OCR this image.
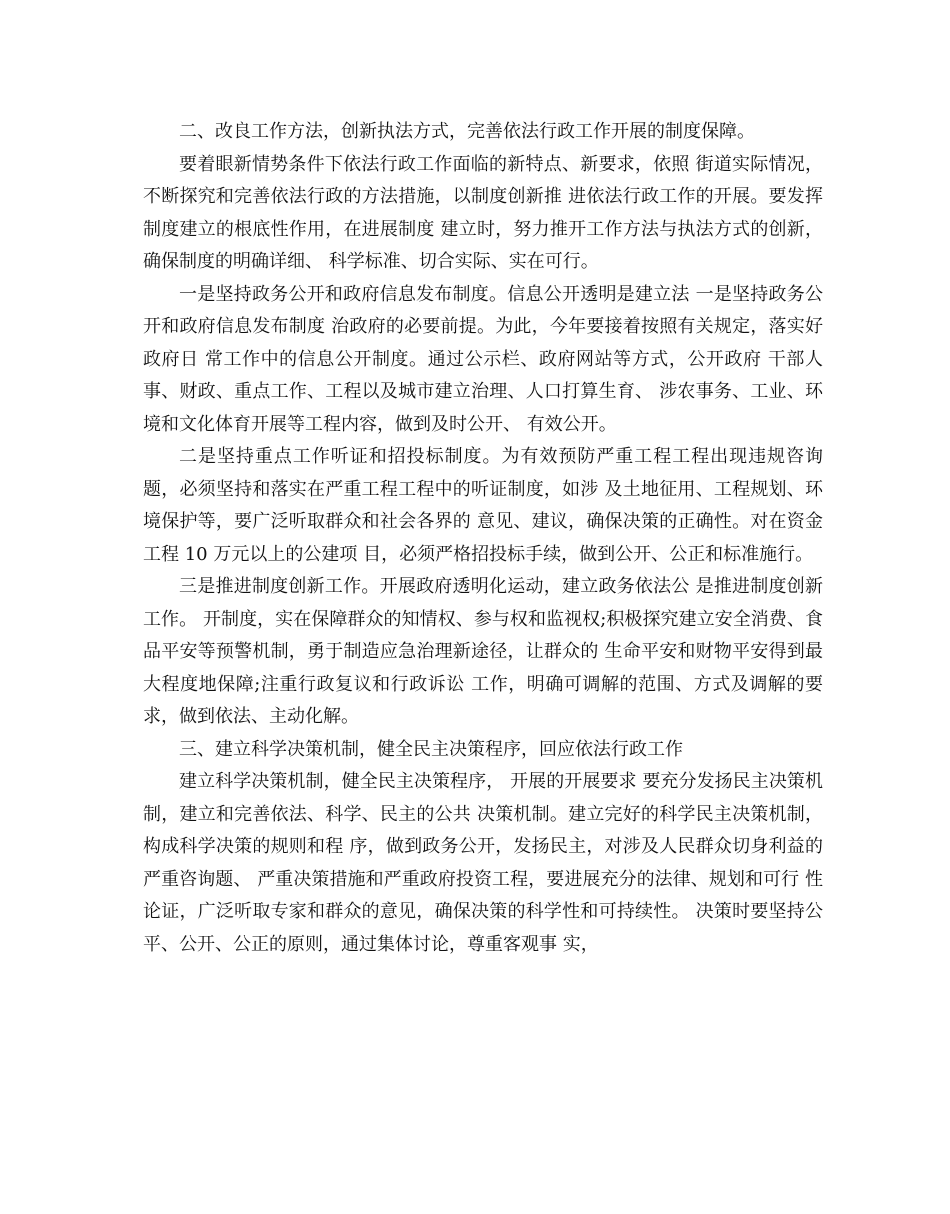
二、改良工作方法，创新执法方式，完善依法行政工作开展的制度保障。

要着眼新情势条件下依法行政工作面临的新特点、新要求，依照 街道实际情况，不断探究和完善依法行政的方法措施，以制度创新推 进依法行政工作的开展。要发挥制度建立的根底性作用，在进展制度 建立时，努力推开工作方法与执法方式的创新，确保制度的明确详细、 科学标准、切合实际、实在可行。

一是坚持政务公开和政府信息发布制度。信息公开透明是建立法 一是坚持政务公开和政府信息发布制度 治政府的必要前提。为此，今年要接着按照有关规定，落实好政府日 常工作中的信息公开制度。通过公示栏、政府网站等方式，公开政府 干部人事、财政、重点工作、工程以及城市建立治理、人口打算生育、 涉农事务、工业、环境和文化体育开展等工程内容，做到及时公开、 有效公开。

二是坚持重点工作听证和招投标制度。为有效预防严重工程工程出现违规咨询题，必须坚持和落实在严重工程工程中的听证制度，如涉 及土地征用、工程规划、环境保护等，要广泛听取群众和社会各界的 意见、建议，确保决策的正确性。对在资金工程 10 万元以上的公建项 目，必须严格招投标手续，做到公开、公正和标准施行。

三是推进制度创新工作。开展政府透明化运动，建立政务依法公 是推进制度创新工作。 开制度，实在保障群众的知情权、参与权和监视权;积极探究建立安全消费、食品平安等预警机制，勇于制造应急治理新途径，让群众的 生命平安和财物平安得到最大程度地保障;注重行政复议和行政诉讼 工作，明确可调解的范围、方式及调解的要求，做到依法、主动化解。

三、建立科学决策机制，健全民主决策程序，回应依法行政工作

建立科学决策机制，健全民主决策程序， 开展的开展要求 要充分发扬民主决策机制，建立和完善依法、科学、民主的公共 决策机制。建立完好的科学民主决策机制，构成科学决策的规则和程 序，做到政务公开，发扬民主，对涉及人民群众切身利益的严重咨询题、 严重决策措施和严重政府投资工程，要进展充分的法律、规划和可行 性论证，广泛听取专家和群众的意见，确保决策的科学性和可持续性。 决策时要坚持公平、公开、公正的原则，通过集体讨论，尊重客观事 实，
